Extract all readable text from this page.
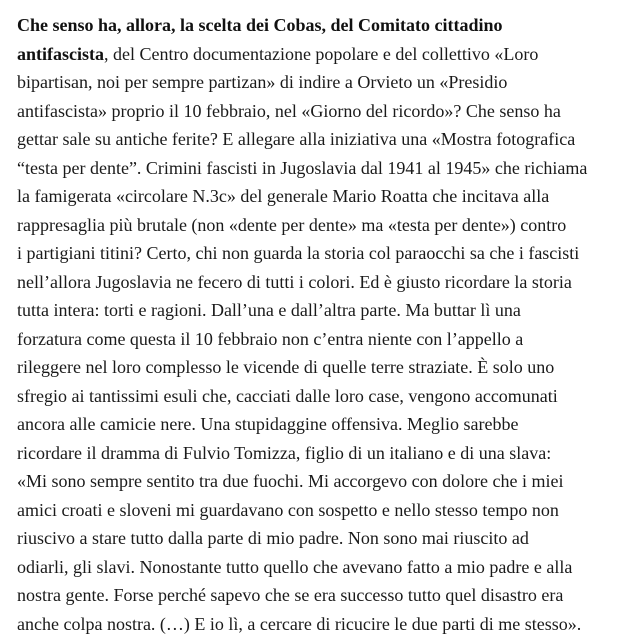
Che senso ha, allora, la scelta dei Cobas, del Comitato cittadino
antifascista, del Centro documentazione popolare e del collettivo «Loro
bipartisan, noi per sempre partizan» di indire a Orvieto un «Presidio
antifascista» proprio il 10 febbraio, nel «Giorno del ricordo»? Che senso ha
gettar sale su antiche ferite? E allegare alla iniziativa una «Mostra fotografica
“testa per dente”. Crimini fascisti in Jugoslavia dal 1941 al 1945» che richiama
la famigerata «circolare N.3c» del generale Mario Roatta che incitava alla
rappresaglia più brutale (non «dente per dente» ma «testa per dente») contro
i partigiani titini? Certo, chi non guarda la storia col paraocchi sa che i fascisti
nell’allora Jugoslavia ne fecero di tutti i colori. Ed è giusto ricordare la storia
tutta intera: torti e ragioni. Dall’una e dall’altra parte. Ma buttar lì una
forzatura come questa il 10 febbraio non c’entra niente con l’appello a
rileggere nel loro complesso le vicende di quelle terre straziate. È solo uno
sfregio ai tantissimi esuli che, cacciati dalle loro case, vengono accomunati
ancora alle camicie nere. Una stupidaggine offensiva. Meglio sarebbe
ricordare il dramma di Fulvio Tomizza, figlio di un italiano e di una slava:
«Mi sono sempre sentito tra due fuochi. Mi accorgevo con dolore che i miei
amici croati e sloveni mi guardavano con sospetto e nello stesso tempo non
riuscivo a stare tutto dalla parte di mio padre. Non sono mai riuscito ad
odiarli, gli slavi. Nonostante tutto quello che avevano fatto a mio padre e alla
nostra gente. Forse perché sapevo che se era successo tutto quel disastro era
anche colpa nostra. (…) E io lì, a cercare di ricucire le due parti di me stesso».
